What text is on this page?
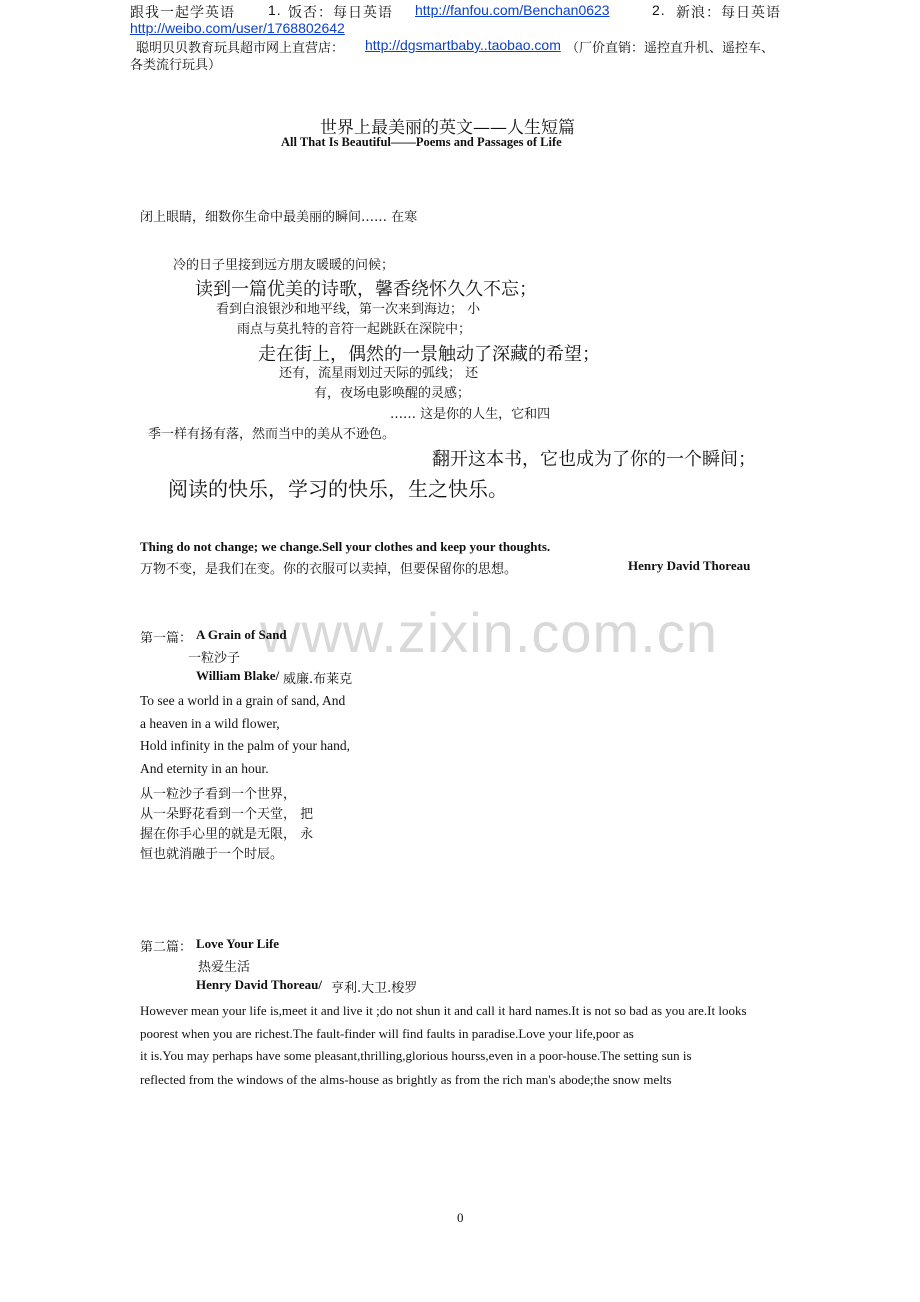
跟我一起学英语 1. 饭否：每日英语 http://fanfou.com/Benchan0623	2. 新浪：每日英语
http://weibo.com/user/1768802642
聪明贝贝教育玩具超市网上直营店： http://dgsmartbaby..taobao.com （厂价直销：遥控直升机、遥控车、
各类流行玩具）
世界上最美丽的英文——人生短篇
All That Is Beautiful——Poems and Passages of Life
闭上眼睛，细数你生命中最美丽的瞬间…… 在寒
冷的日子里接到远方朋友暖暖的问候；
读到一篇优美的诗歌，馨香绕怀久久不忘；
看到白浪银沙和地平线，第一次来到海边； 小
雨点与莫扎特的音符一起跳跃在深院中；
走在街上，偶然的一景触动了深藏的希望；
还有，流星雨划过天际的弧线； 还
有，夜场电影唤醒的灵感；
…… 这是你的人生，它和四
季一样有扬有落，然而当中的美从不逊色。
翻开这本书，它也成为了你的一个瞬间；
阅读的快乐，学习的快乐，生之快乐。
Thing do not change; we change.Sell your clothes and keep your thoughts.
万物不变，是我们在变。你的衣服可以卖掉，但要保留你的思想。	Henry David Thoreau
www.zixin.com.cn
第一篇： A Grain of Sand
一粒沙子
William Blake/ 威廉.布莱克
To see a world in a grain of sand, And
a heaven in a wild flower,
Hold infinity in the palm of your hand,
And eternity in an hour.
从一粒沙子看到一个世界，
从一朵野花看到一个天堂， 把
握在你手心里的就是无限， 永
恒也就消融于一个时辰。
第二篇： Love Your Life
热爱生活
Henry David Thoreau/ 亨利.大卫.梭罗
However mean your life is,meet it and live it ;do not shun it and call it hard names.It is not so bad as you are.It looks
poorest when you are richest.The fault-finder will find faults in paradise.Love your life,poor as
it is.You may perhaps have some pleasant,thrilling,glorious hourss,even in a poor-house.The setting sun is
reflected from the windows of the alms-house as brightly as from the rich man's abode;the snow melts
0
